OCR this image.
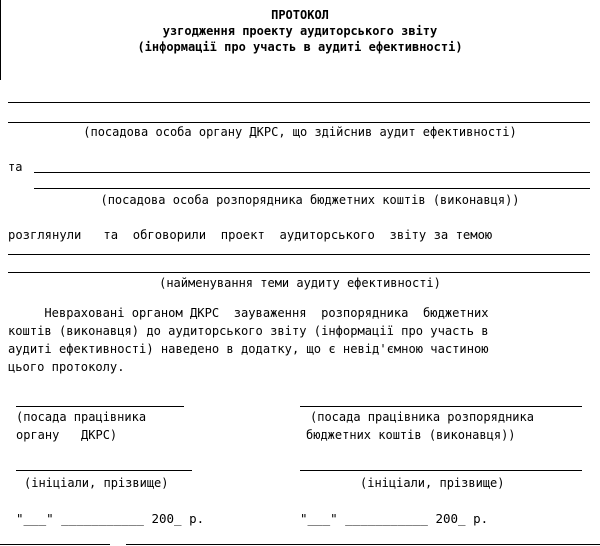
ПРОТОКОЛ
узгодження проекту аудиторського звіту
(інформації про участь в аудиті ефективності)
(посадова особа органу ДКРС, що здійснив аудит ефективності)
та
(посадова особа розпорядника бюджетних коштів (виконавця))
розглянули   та  обговорили  проект  аудиторського  звіту за темою
(найменування теми аудиту ефективності)
Неврахованi органом ДКРС  зауваження  розпорядника  бюджетних
коштів (виконавця) до аудиторського звіту (інформації про участь в
аудиті ефективності) наведено в додатку, що є невід'ємною частиною
цього протоколу.
(посада працівника
органу   ДКРС)
(посада працівника розпорядника
бюджетних коштів (виконавця))
(ініціали, прізвище)	(ініціали, прізвище)
"___" ___________ 200_ р.	"___" ___________ 200_ р.
